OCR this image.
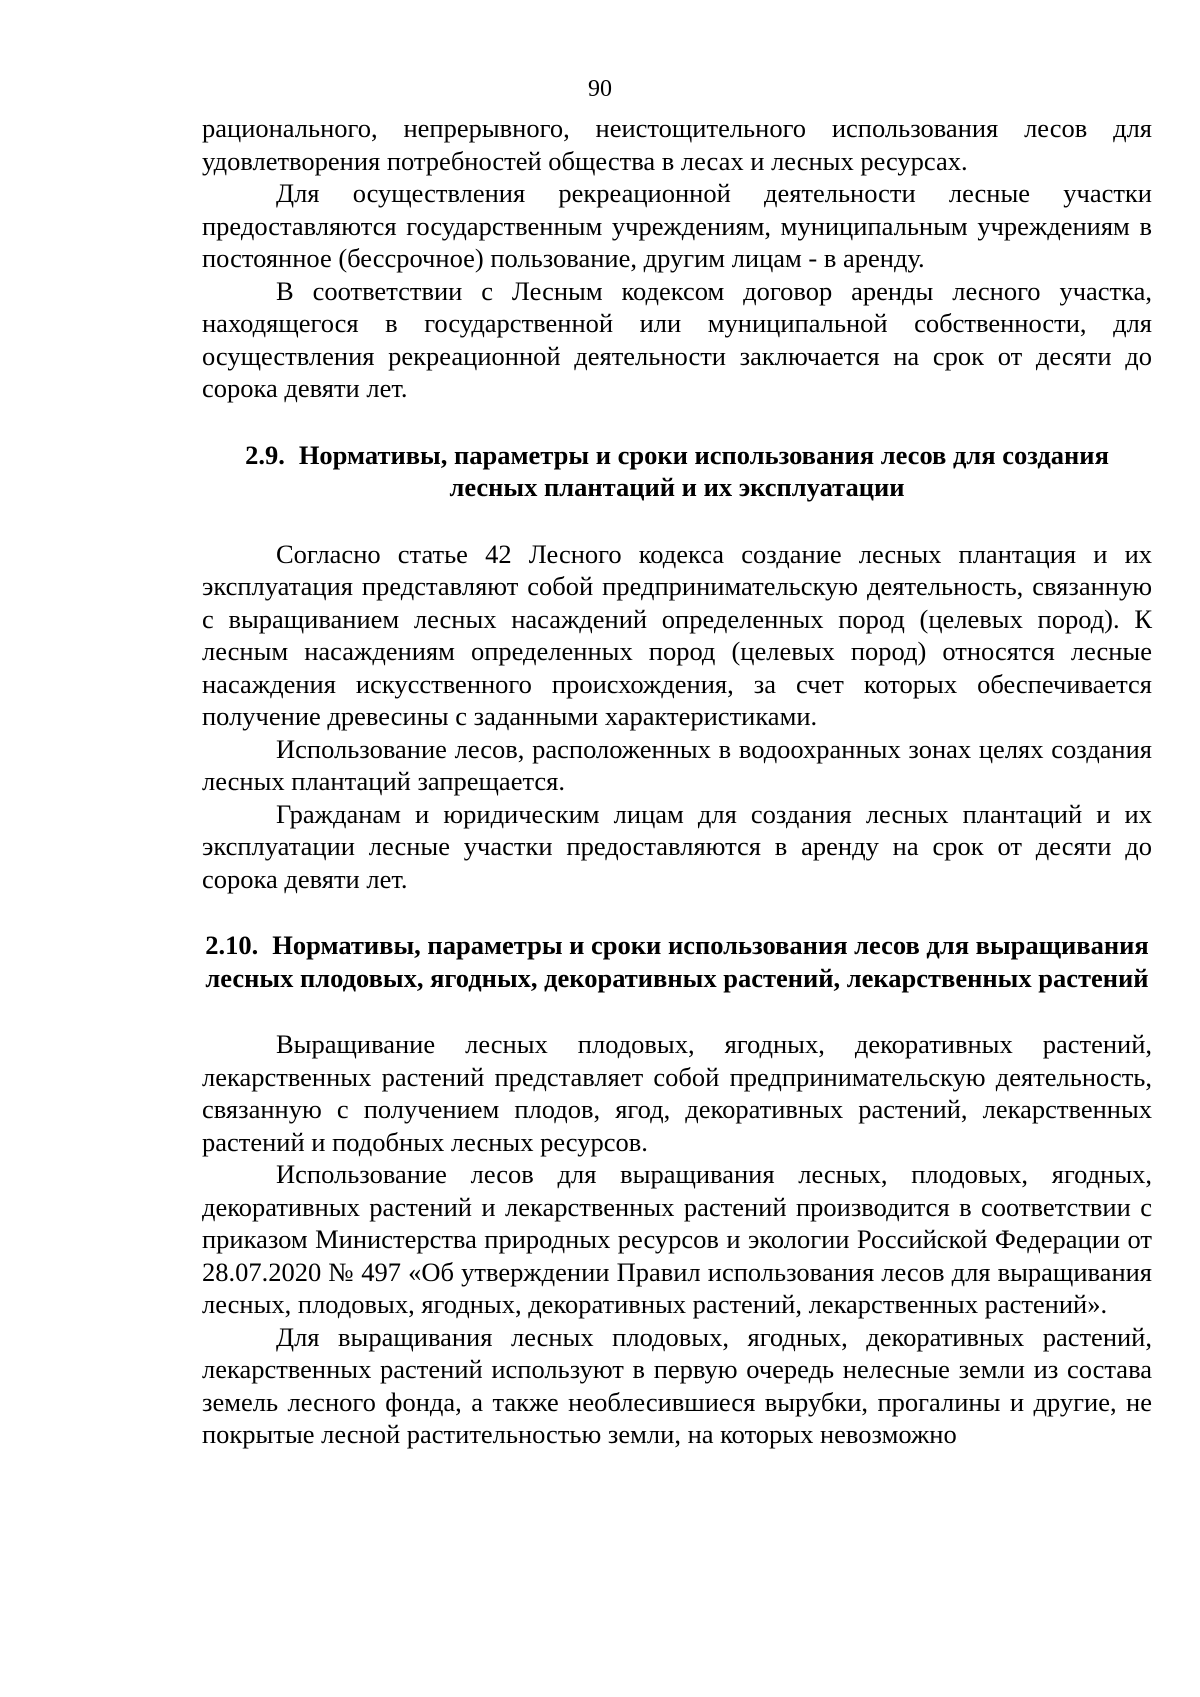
90

рационального, непрерывного, неистощительного использования лесов для удовлетворения потребностей общества в лесах и лесных ресурсах.

Для осуществления рекреационной деятельности лесные участки предоставляются государственным учреждениям, муниципальным учреждениям в постоянное (бессрочное) пользование, другим лицам - в аренду.

В соответствии с Лесным кодексом договор аренды лесного участка, находящегося в государственной или муниципальной собственности, для осуществления рекреационной деятельности заключается на срок от десяти до сорока девяти лет.

2.9. Нормативы, параметры и сроки использования лесов для создания лесных плантаций и их эксплуатации

Согласно статье 42 Лесного кодекса создание лесных плантация и их эксплуатация представляют собой предпринимательскую деятельность, связанную с выращиванием лесных насаждений определенных пород (целевых пород). К лесным насаждениям определенных пород (целевых пород) относятся лесные насаждения искусственного происхождения, за счет которых обеспечивается получение древесины с заданными характеристиками.

Использование лесов, расположенных в водоохранных зонах целях создания лесных плантаций запрещается.

Гражданам и юридическим лицам для создания лесных плантаций и их эксплуатации лесные участки предоставляются в аренду на срок от десяти до сорока девяти лет.

2.10. Нормативы, параметры и сроки использования лесов для выращивания лесных плодовых, ягодных, декоративных растений, лекарственных растений

Выращивание лесных плодовых, ягодных, декоративных растений, лекарственных растений представляет собой предпринимательскую деятельность, связанную с получением плодов, ягод, декоративных растений, лекарственных растений и подобных лесных ресурсов.

Использование лесов для выращивания лесных, плодовых, ягодных, декоративных растений и лекарственных растений производится в соответствии с приказом Министерства природных ресурсов и экологии Российской Федерации от 28.07.2020 № 497 «Об утверждении Правил использования лесов для выращивания лесных, плодовых, ягодных, декоративных растений, лекарственных растений».

Для выращивания лесных плодовых, ягодных, декоративных растений, лекарственных растений используют в первую очередь нелесные земли из состава земель лесного фонда, а также необлесившиеся вырубки, прогалины и другие, не покрытые лесной растительностью земли, на которых невозможно
